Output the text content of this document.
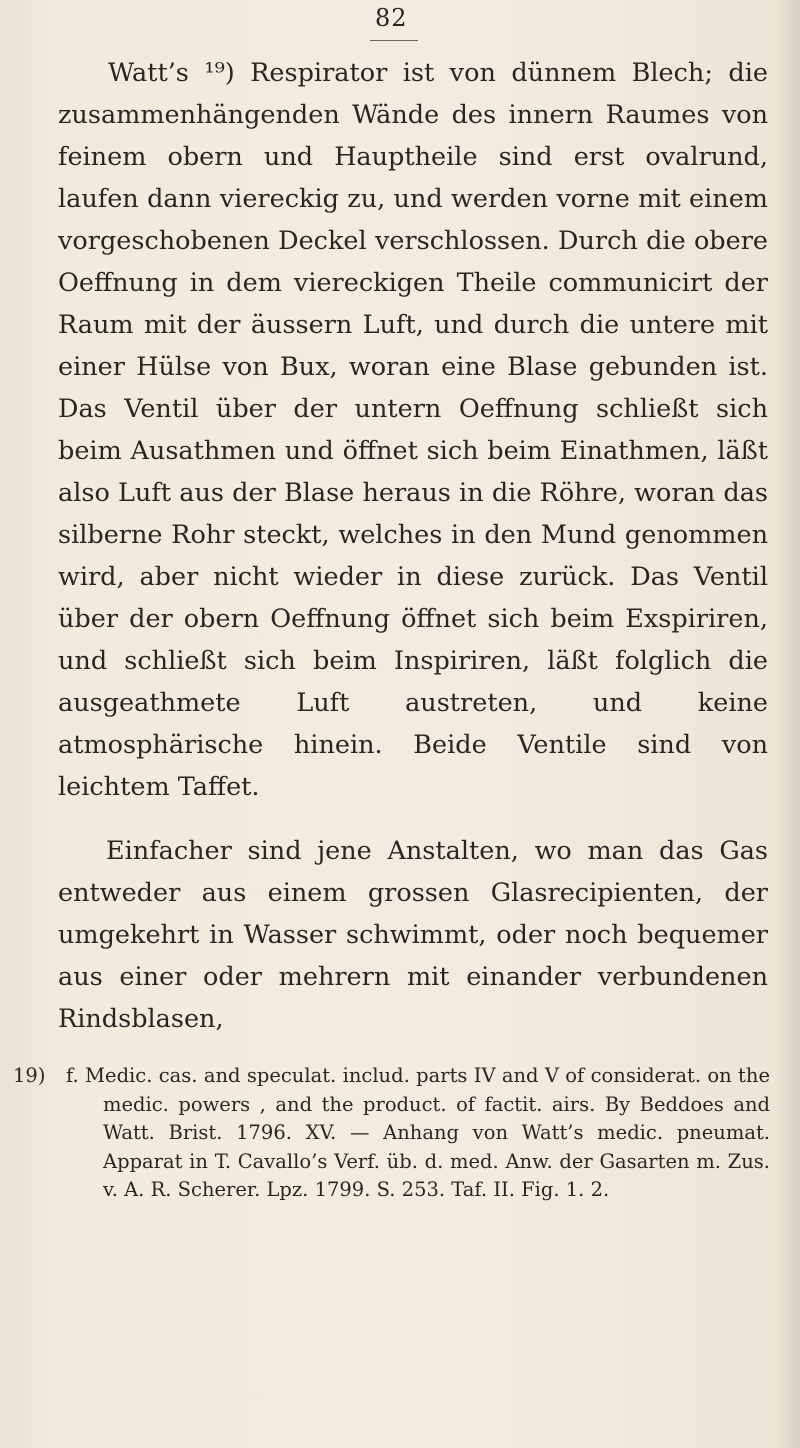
82

Watt’s ¹⁹) Respirator ist von dünnem Blech; die zusammenhängenden Wände des innern Raumes von feinem obern und Hauptheile sind erst ovalrund, laufen dann viereckig zu, und werden vorne mit einem vorgeschobenen Deckel verschlossen. Durch die obere Oeffnung in dem viereckigen Theile communicirt der Raum mit der äussern Luft, und durch die untere mit einer Hülse von Bux, woran eine Blase gebunden ist. Das Ventil über der untern Oeffnung schließt sich beim Ausathmen und öffnet sich beim Einathmen, läßt also Luft aus der Blase heraus in die Röhre, woran das silberne Rohr steckt, welches in den Mund genommen wird, aber nicht wieder in diese zurück. Das Ventil über der obern Oeffnung öffnet sich beim Exspiriren, und schließt sich beim Inspiriren, läßt folglich die ausgeathmete Luft austreten, und keine atmosphärische hinein. Beide Ventile sind von leichtem Taffet.

Einfacher sind jene Anstalten, wo man das Gas entweder aus einem grossen Glasrecipienten, der umgekehrt in Wasser schwimmt, oder noch bequemer aus einer oder mehrern mit einander verbundenen Rindsblasen,

19) f. Medic. cas. and speculat. includ. parts IV and V of considerat. on the medic. powers , and the product. of factit. airs. By Beddoes and Watt. Brist. 1796. XV. — Anhang von Watt’s medic. pneumat. Apparat in T. Cavallo’s Verf. üb. d. med. Anw. der Gasarten m. Zus. v. A. R. Scherer. Lpz. 1799. S. 253. Taf. II. Fig. 1. 2.
